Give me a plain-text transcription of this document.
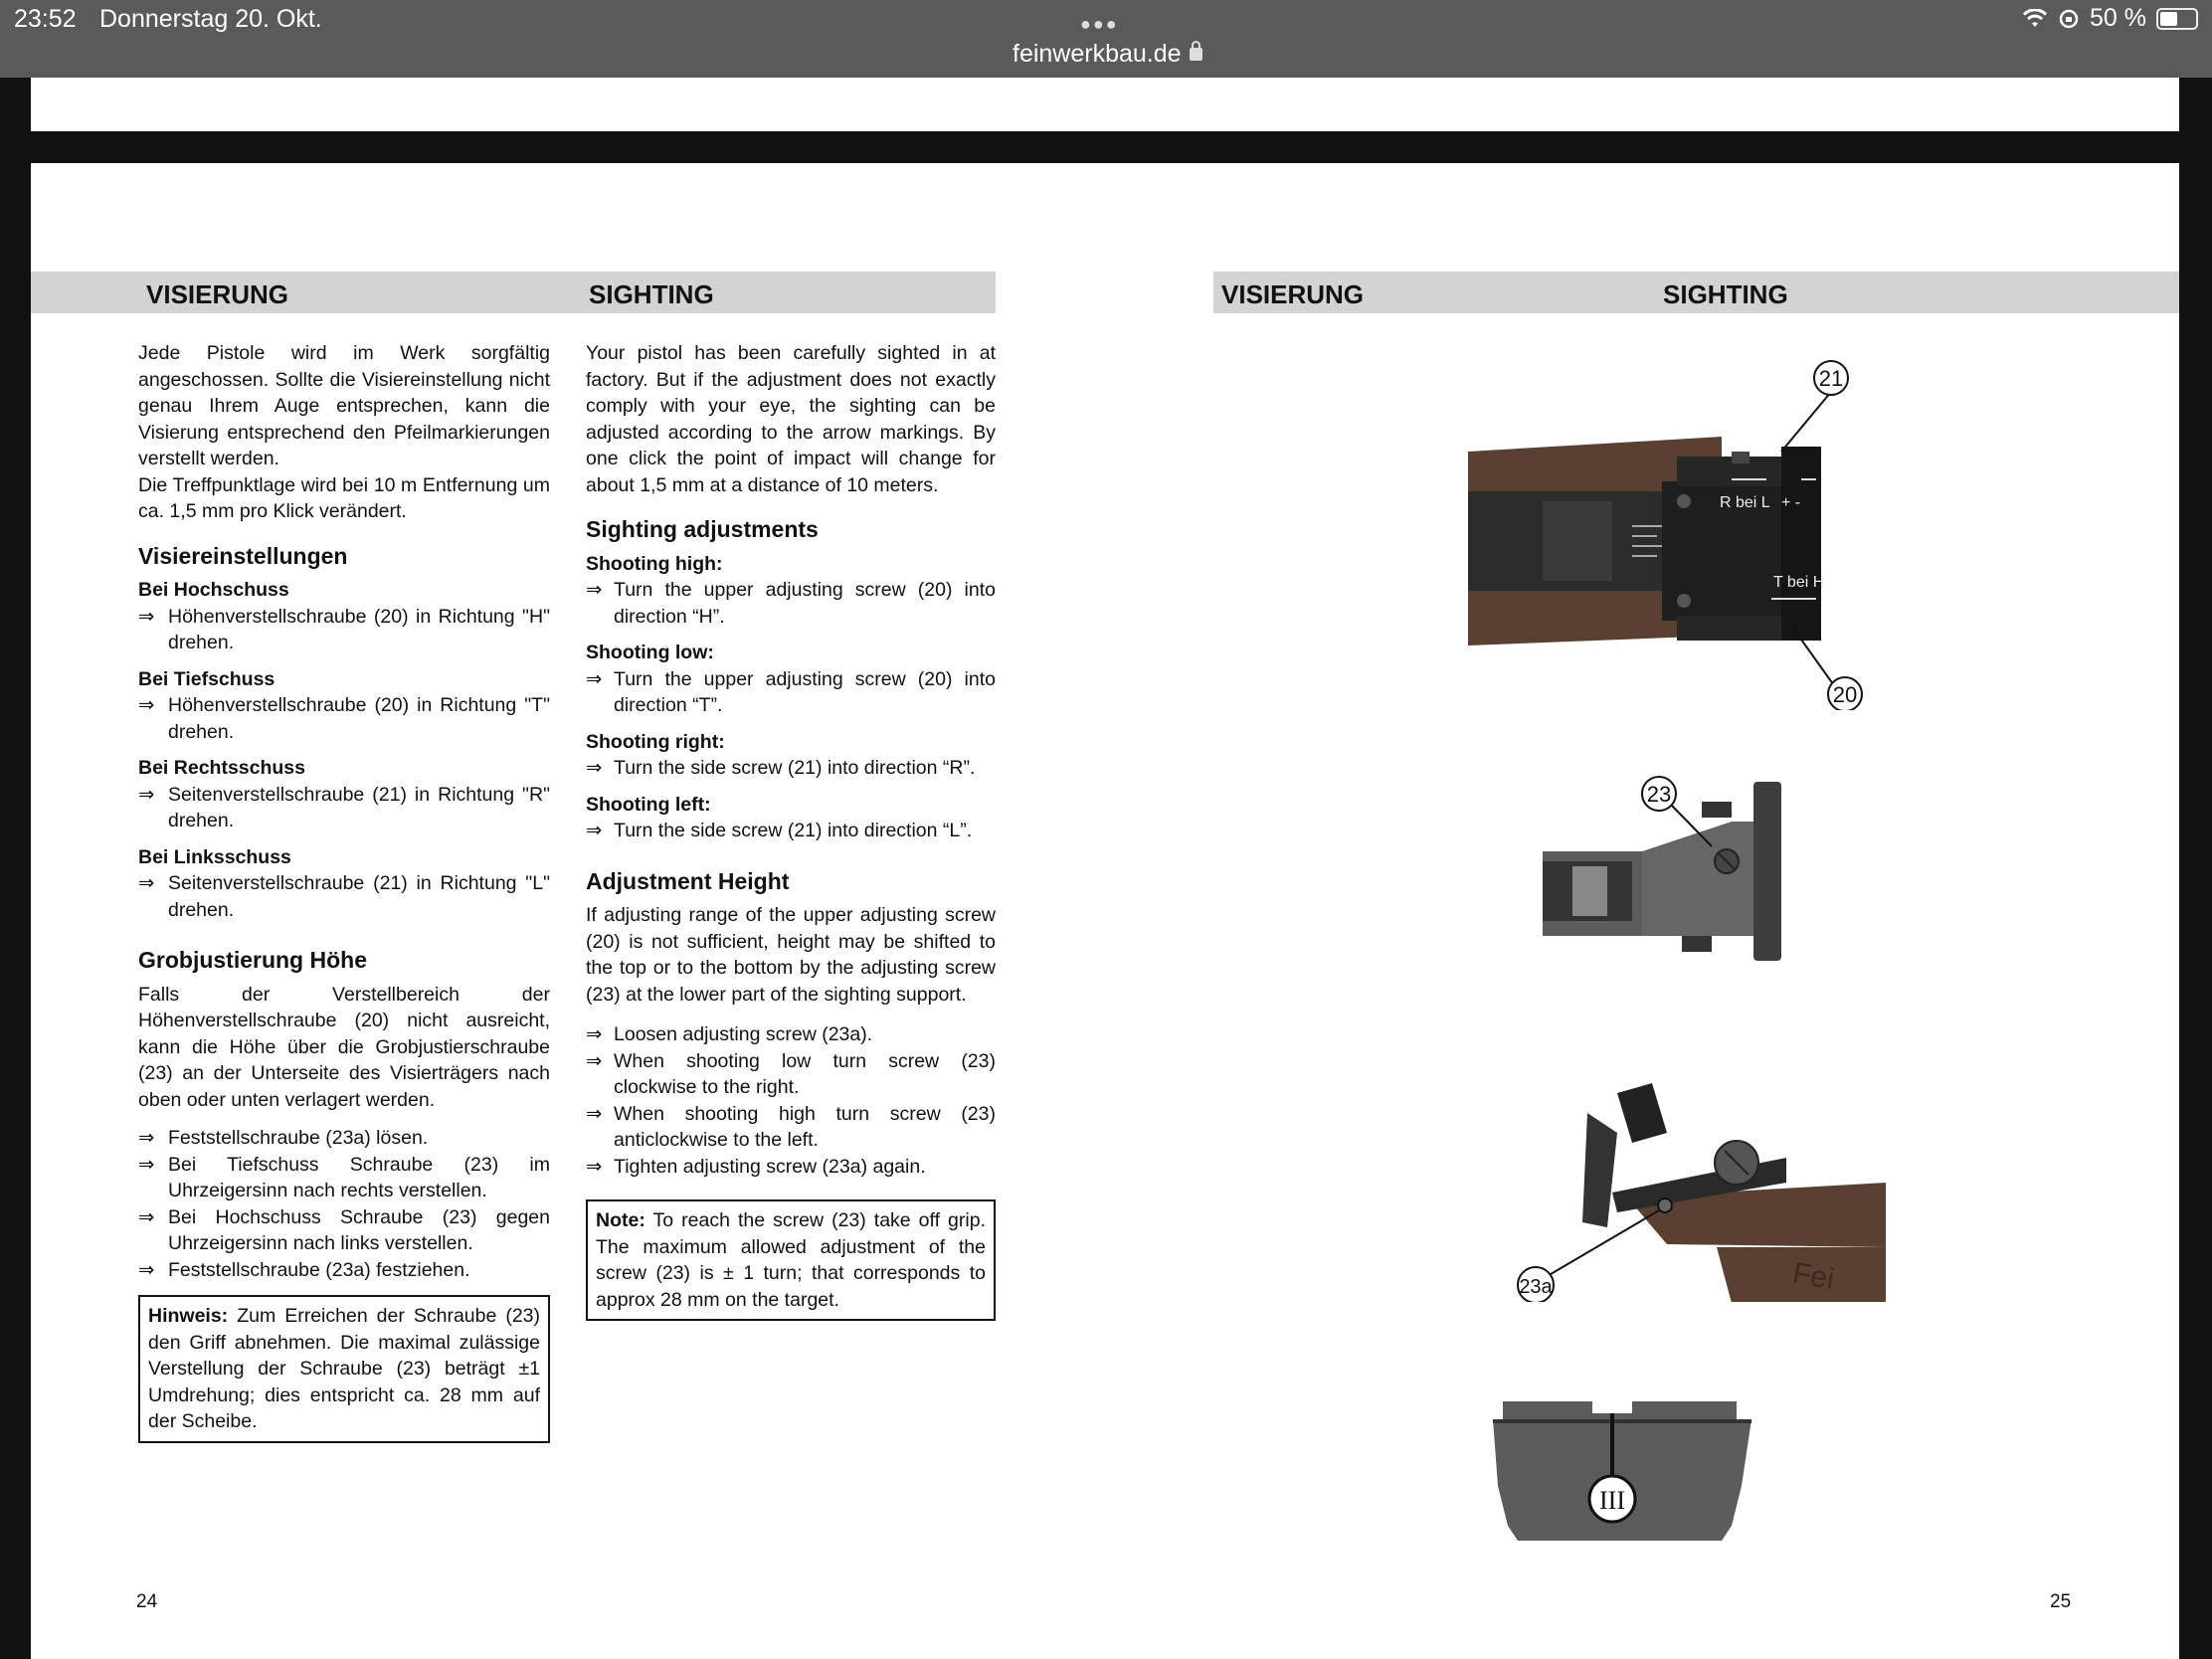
23:52 Donnerstag 20. Okt.	●●●
feinwerkbau.de
50 %
VISIERUNG	SIGHTING	VISIERUNG	SIGHTING

Jede Pistole wird im Werk sorgfältig angeschossen. Sollte die Visiereinstellung nicht genau Ihrem Auge entsprechen, kann die Visierung entsprechend den Pfeilmarkierungen verstellt werden.

Die Treffpunktlage wird bei 10 m Entfernung um ca. 1,5 mm pro Klick verändert.

Visiereinstellungen
Bei Hochschuss
⇒ Höhenverstellschraube (20) in Richtung "H" drehen.
Bei Tiefschuss
⇒ Höhenverstellschraube (20) in Richtung "T" drehen.
Bei Rechtsschuss
⇒ Seitenverstellschraube (21) in Richtung "R" drehen.
Bei Linksschuss
⇒ Seitenverstellschraube (21) in Richtung "L" drehen.
Grobjustierung Höhe

Falls der Verstellbereich der Höhenverstellschraube (20) nicht ausreicht, kann die Höhe über die Grobjustierschraube (23) an der Unterseite des Visierträgers nach oben oder unten verlagert werden.

⇒ Feststellschraube (23a) lösen.
⇒ Bei Tiefschuss Schraube (23) im Uhrzeigersinn nach rechts verstellen.
⇒ Bei Hochschuss Schraube (23) gegen Uhrzeigersinn nach links verstellen.
⇒ Feststellschraube (23a) festziehen.
Hinweis: Zum Erreichen der Schraube (23) den Griff abnehmen. Die maximal zulässige Verstellung der Schraube (23) beträgt ±1 Umdrehung; dies entspricht ca. 28 mm auf der Scheibe.

Your pistol has been carefully sighted in at factory. But if the adjustment does not exactly comply with your eye, the sighting can be adjusted according to the arrow markings. By one click the point of impact will change for about 1,5 mm at a distance of 10 meters.

Sighting adjustments
Shooting high:
⇒ Turn the upper adjusting screw (20) into direction “H”.
Shooting low:
⇒ Turn the upper adjusting screw (20) into direction “T”.
Shooting right:
⇒ Turn the side screw (21) into direction “R”.
Shooting left:
⇒ Turn the side screw (21) into direction “L”.
Adjustment Height

If adjusting range of the upper adjusting screw (20) is not sufficient, height may be shifted to the top or to the bottom by the adjusting screw (23) at the lower part of the sighting support.

⇒ Loosen adjusting screw (23a).
⇒ When shooting low turn screw (23) clockwise to the right.
⇒ When shooting high turn screw (23) anticlockwise to the left.
⇒ Tighten adjusting screw (23a) again.
Note: To reach the screw (23) take off grip. The maximum allowed adjustment of the screw (23) is ± 1 turn; that corresponds to approx 28 mm on the target.
R bei L + -
T bei H
21
20
23
Fei
23a
III
24	25
